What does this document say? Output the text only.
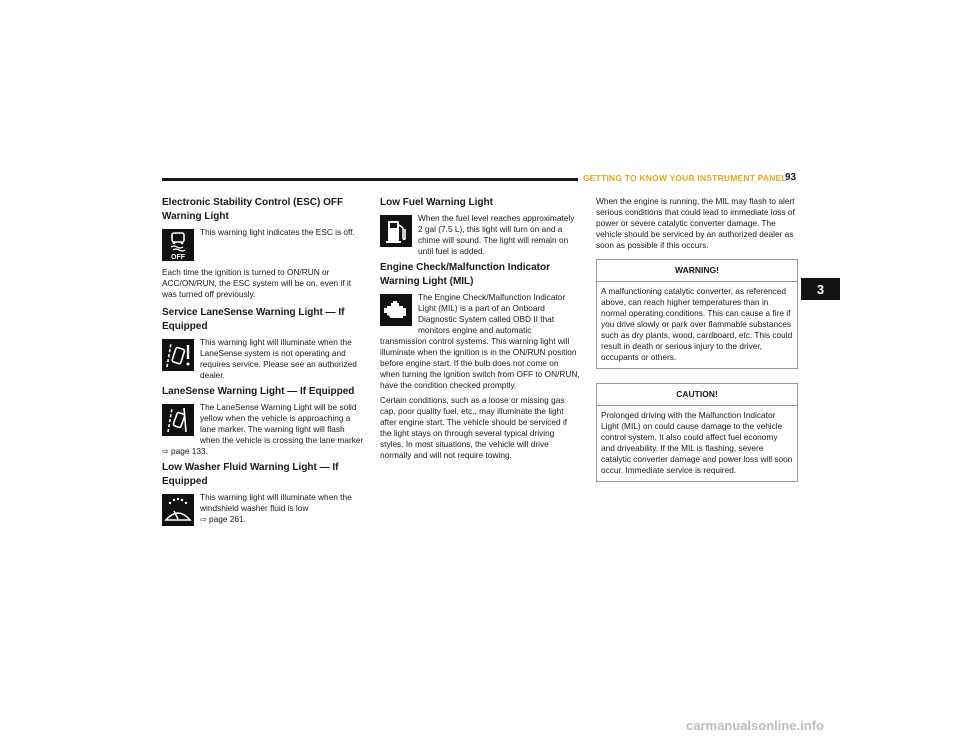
GETTING TO KNOW YOUR INSTRUMENT PANEL
93
3
Electronic Stability Control (ESC) OFF Warning Light
OFF

This warning light indicates the ESC is off.

Each time the ignition is turned to ON/RUN or ACC/ON/RUN, the ESC system will be on, even if it was turned off previously.

Service LaneSense Warning Light — If Equipped

This warning light will illuminate when the LaneSense system is not operating and requires service. Please see an authorized dealer.

LaneSense Warning Light — If Equipped

The LaneSense Warning Light will be solid yellow when the vehicle is approaching a lane marker. The warning light will flash when the vehicle is crossing the lane marker ⇨ page 133.

Low Washer Fluid Warning Light — If Equipped

This warning light will illuminate when the windshield washer fluid is low
⇨ page 261.

Low Fuel Warning Light

When the fuel level reaches approximately 2 gal (7.5 L), this light will turn on and a chime will sound. The light will remain on until fuel is added.

Engine Check/Malfunction Indicator Warning Light (MIL)

The Engine Check/Malfunction Indicator Light (MIL) is a part of an Onboard Diagnostic System called OBD II that monitors engine and automatic transmission control systems. This warning light will illuminate when the ignition is in the ON/RUN position before engine start. If the bulb does not come on when turning the ignition switch from OFF to ON/RUN, have the condition checked promptly.

Certain conditions, such as a loose or missing gas cap, poor quality fuel, etc., may illuminate the light after engine start. The vehicle should be serviced if the light stays on through several typical driving styles. In most situations, the vehicle will drive normally and will not require towing.

When the engine is running, the MIL may flash to alert serious conditions that could lead to immediate loss of power or severe catalytic converter damage. The vehicle should be serviced by an authorized dealer as soon as possible if this occurs.

WARNING!
A malfunctioning catalytic converter, as referenced above, can reach higher temperatures than in normal operating conditions. This can cause a fire if you drive slowly or park over flammable substances such as dry plants, wood, cardboard, etc. This could result in death or serious injury to the driver, occupants or others.
CAUTION!
Prolonged driving with the Malfunction Indicator Light (MIL) on could cause damage to the vehicle control system. It also could affect fuel economy and driveability. If the MIL is flashing, severe catalytic converter damage and power loss will soon occur. Immediate service is required.
carmanualsonline.info
